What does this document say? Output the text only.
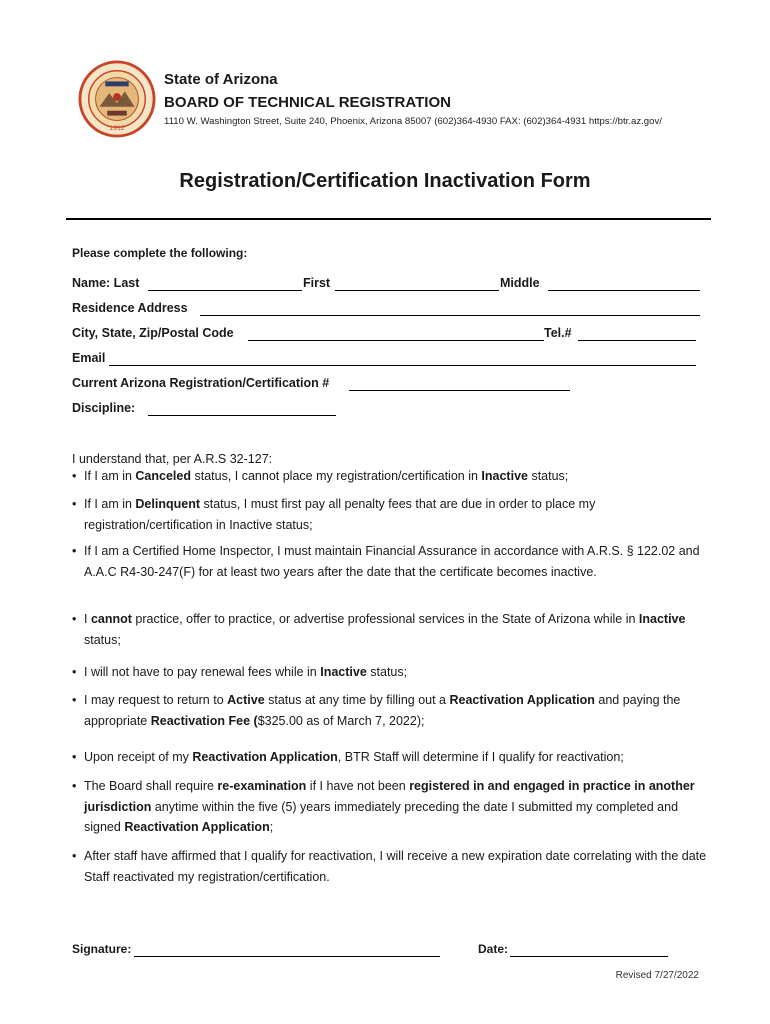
1912
State of Arizona
BOARD OF TECHNICAL REGISTRATION
1110 W. Washington Street, Suite 240, Phoenix, Arizona 85007 (602)364-4930 FAX: (602)364-4931 https://btr.az.gov/
Registration/Certification Inactivation Form
Please complete the following:
Name: Last	First	Middle
Residence Address
City, State, Zip/Postal Code	Tel.#
Email
Current Arizona Registration/Certification #
Discipline:
I understand that, per A.R.S 32-127:
• If I am in Canceled status, I cannot place my registration/certification in Inactive status;
• If I am in Delinquent status, I must first pay all penalty fees that are due in order to place my registration/certification in Inactive status;
• If I am a Certified Home Inspector, I must maintain Financial Assurance in accordance with A.R.S. § 122.02 and A.A.C R4-30-247(F) for at least two years after the date that the certificate becomes inactive.
• I cannot practice, offer to practice, or advertise professional services in the State of Arizona while in Inactive status;
• I will not have to pay renewal fees while in Inactive status;
• I may request to return to Active status at any time by filling out a Reactivation Application and paying the appropriate Reactivation Fee ($325.00 as of March 7, 2022);
• Upon receipt of my Reactivation Application, BTR Staff will determine if I qualify for reactivation;
• The Board shall require re-examination if I have not been registered in and engaged in practice in another jurisdiction anytime within the five (5) years immediately preceding the date I submitted my completed and signed Reactivation Application;
• After staff have affirmed that I qualify for reactivation, I will receive a new expiration date correlating with the date Staff reactivated my registration/certification.
Signature:	Date:
Revised 7/27/2022
